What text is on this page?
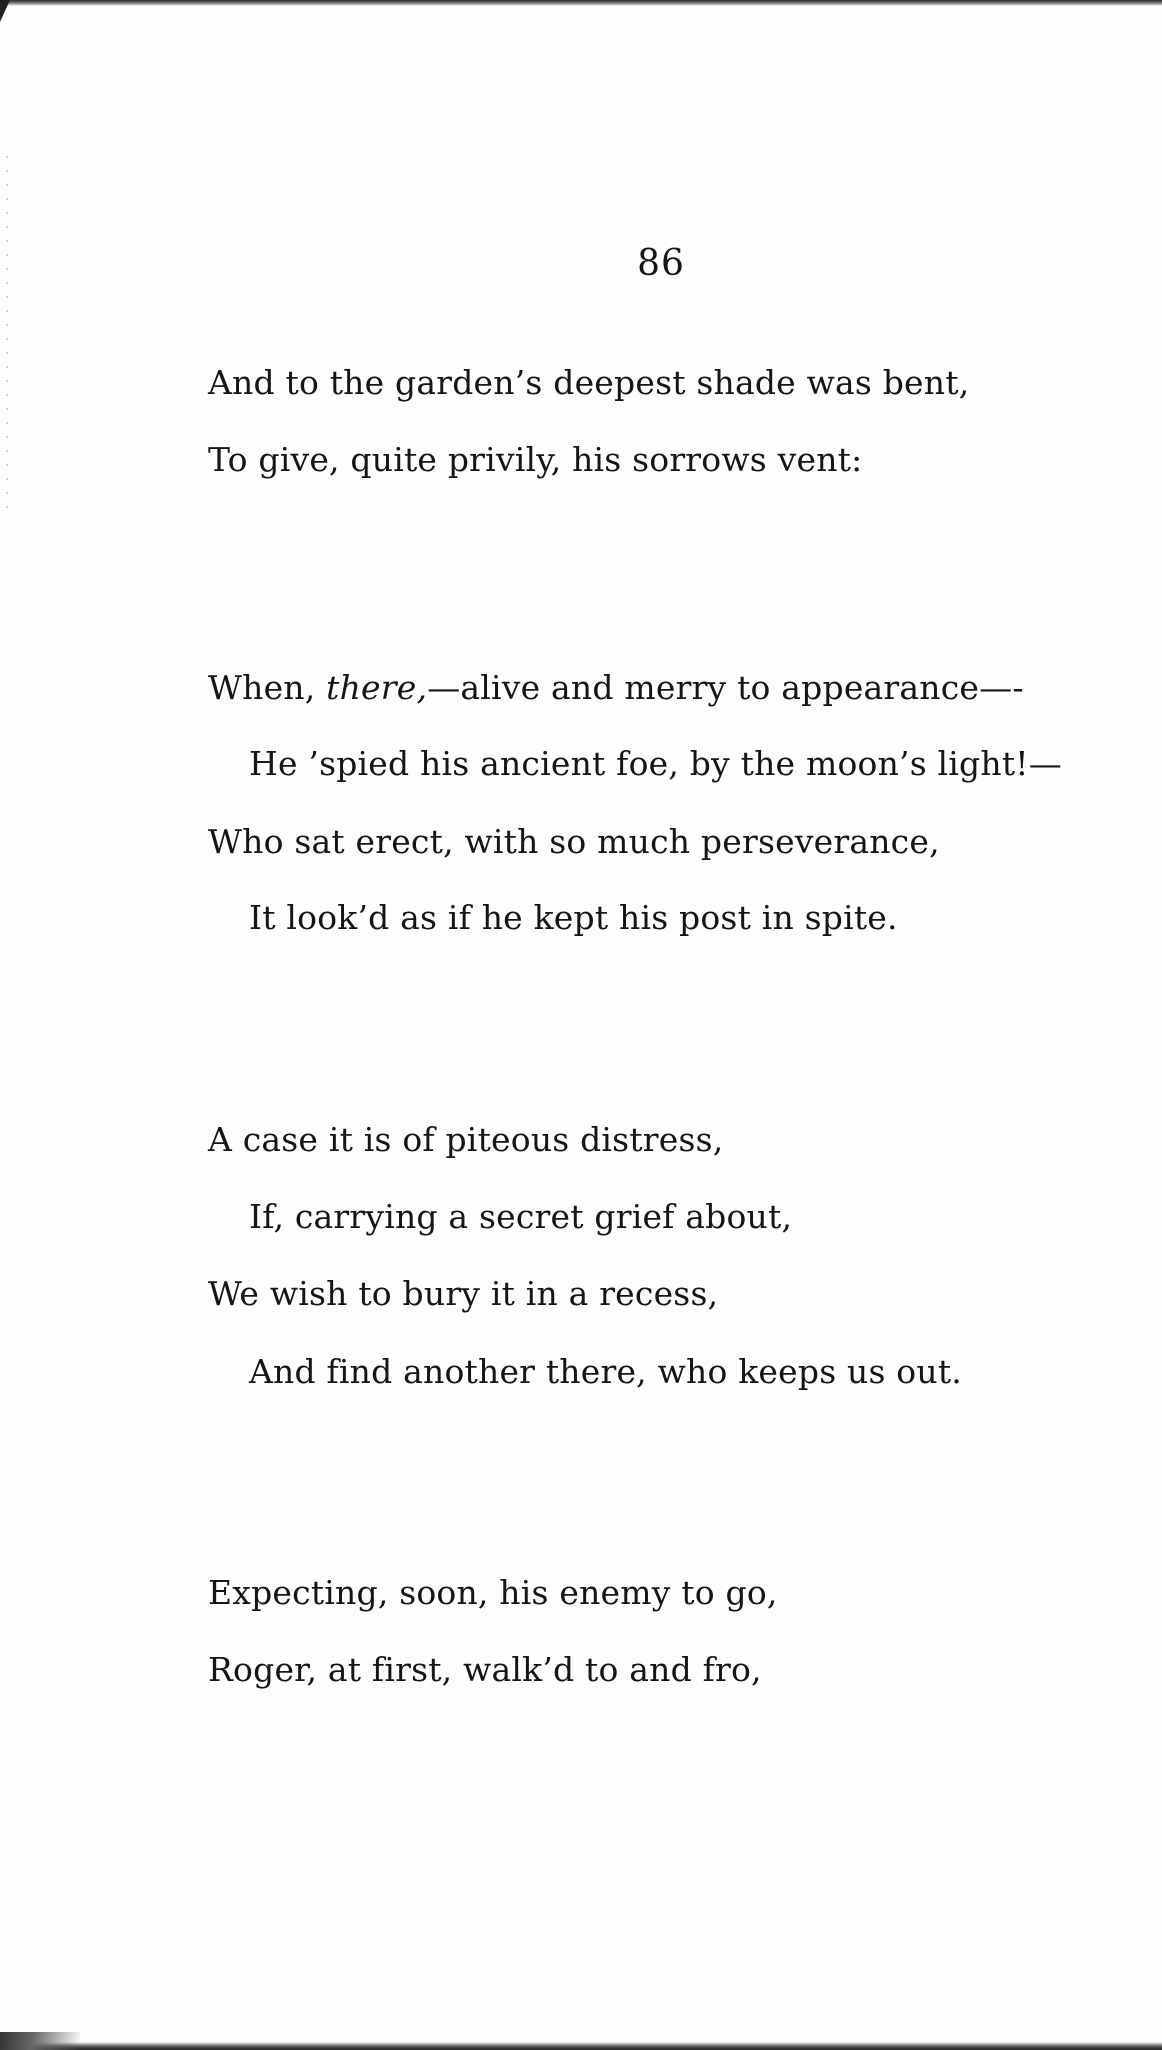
86
And to the garden’s deepest shade was bent,
To give, quite privily, his sorrows vent:
When, there,—alive and merry to appearance—-
He ’spied his ancient foe, by the moon’s light!—
Who sat erect, with so much perseverance,
It look’d as if he kept his post in spite.
A case it is of piteous distress,
If, carrying a secret grief about,
We wish to bury it in a recess,
And find another there, who keeps us out.
Expecting, soon, his enemy to go,
Roger, at first, walk’d to and fro,
